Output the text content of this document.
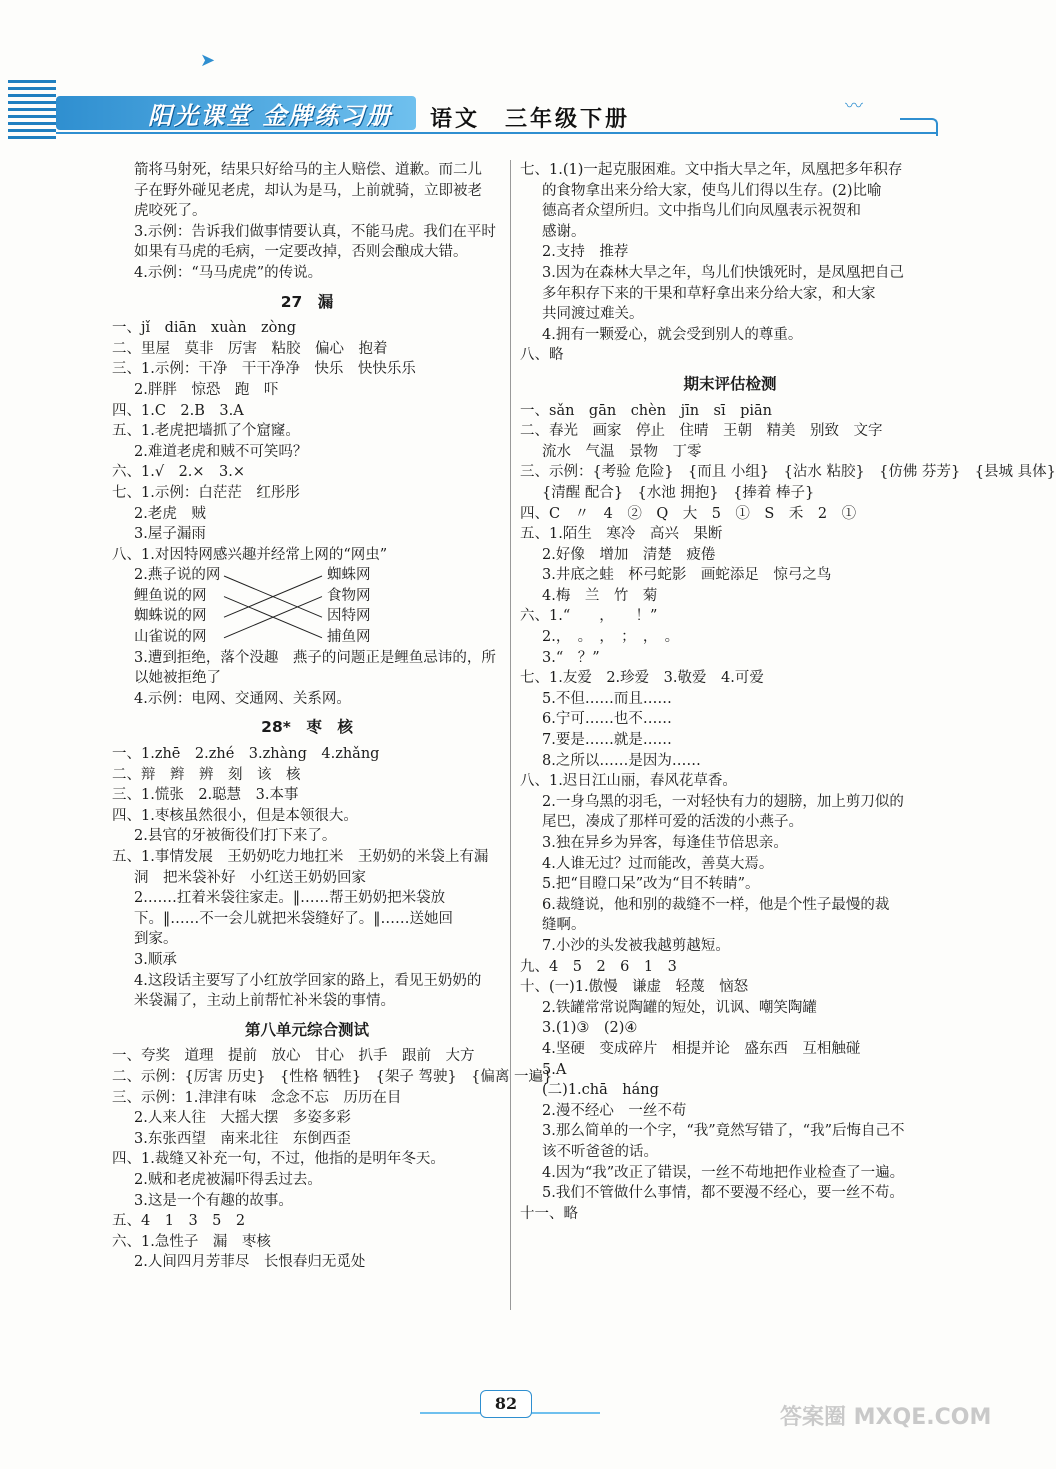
阳光课堂 金牌练习册 语文　三年级下册
〰
➤
箭将马射死，结果只好给马的主人赔偿、道歉。而二儿
子在野外碰见老虎，却认为是马，上前就骑，立即被老
虎咬死了。
3.示例：告诉我们做事情要认真，不能马虎。我们在平时
如果有马虎的毛病，一定要改掉，否则会酿成大错。
4.示例：“马马虎虎”的传说。
27　漏
一、jǐ　diān　xuàn　zòng
二、里屋　莫非　厉害　粘胶　偏心　抱着
三、1.示例：干净　干干净净　快乐　快快乐乐
2.胖胖　惊恐　跑　吓
四、1.C　2.B　3.A
五、1.老虎把墙抓了个窟窿。
2.难道老虎和贼不可笑吗？
六、1.√　2.×　3.×
七、1.示例：白茫茫　红彤彤
2.老虎　贼
3.屋子漏雨
八、1.对因特网感兴趣并经常上网的“网虫”
2.燕子说的网
鲤鱼说的网
蜘蛛说的网
山雀说的网
蜘蛛网
食物网
因特网
捕鱼网
3.遭到拒绝，落个没趣　燕子的问题正是鲤鱼忌讳的，所
以她被拒绝了
4.示例：电网、交通网、关系网。
28*　枣　核
一、1.zhē　2.zhé　3.zhàng　4.zhǎng
二、辩　辫　辨　刻　该　核
三、1.慌张　2.聪慧　3.本事
四、1.枣核虽然很小，但是本领很大。
2.县官的牙被衙役们打下来了。
五、1.事情发展　王奶奶吃力地扛米　王奶奶的米袋上有漏
洞　把米袋补好　小红送王奶奶回家
2.……扛着米袋往家走。‖……帮王奶奶把米袋放
下。‖……不一会儿就把米袋缝好了。‖……送她回
到家。
3.顺承
4.这段话主要写了小红放学回家的路上，看见王奶奶的
米袋漏了，主动上前帮忙补米袋的事情。
第八单元综合测试
一、夸奖　道理　提前　放心　甘心　扒手　跟前　大方
二、示例：{厉害 历史}　{性格 牺牲}　{架子 驾驶}　{偏离 一遍}
三、示例：1.津津有味　念念不忘　历历在目
2.人来人往　大摇大摆　多姿多彩
3.东张西望　南来北往　东倒西歪
四、1.裁缝又补充一句，不过，他指的是明年冬天。
2.贼和老虎被漏吓得丢过去。
3.这是一个有趣的故事。
五、4　1　3　5　2
六、1.急性子　漏　枣核
2.人间四月芳菲尽　长恨春归无觅处
七、1.(1)一起克服困难。文中指大旱之年，凤凰把多年积存
的食物拿出来分给大家，使鸟儿们得以生存。(2)比喻
德高者众望所归。文中指鸟儿们向凤凰表示祝贺和
感谢。
2.支持　推荐
3.因为在森林大旱之年，鸟儿们快饿死时，是凤凰把自己
多年积存下来的干果和草籽拿出来分给大家，和大家
共同渡过难关。
4.拥有一颗爱心，就会受到别人的尊重。
八、略
期末评估检测
一、sǎn　gān　chèn　jīn　sī　piān
二、春光　画家　停止　住晴　王朝　精美　别致　文字
流水　气温　景物　丁零
三、示例：{考验 危险}　{而且 小组}　{沾水 粘胶}　{仿佛 芬芳}　{县城 具体}
{清醒 配合}　{水池 拥抱}　{捧着 棒子}
四、C　〃　4　②　Q　大　5　①　S　禾　2　①
五、1.陌生　寒冷　高兴　果断
2.好像　增加　清楚　疲倦
3.井底之蛙　杯弓蛇影　画蛇添足　惊弓之鸟
4.梅　兰　竹　菊
六、1.“　　，　　！”
2.，　。　，　；　，　。
3.“　？”
七、1.友爱　2.珍爱　3.敬爱　4.可爱
5.不但……而且……
6.宁可……也不……
7.要是……就是……
8.之所以……是因为……
八、1.迟日江山丽，春风花草香。
2.一身乌黑的羽毛，一对轻快有力的翅膀，加上剪刀似的
尾巴，凑成了那样可爱的活泼的小燕子。
3.独在异乡为异客，每逢佳节倍思亲。
4.人谁无过？过而能改，善莫大焉。
5.把“目瞪口呆”改为“目不转睛”。
6.裁缝说，他和别的裁缝不一样，他是个性子最慢的裁
缝啊。
7.小沙的头发被我越剪越短。
九、4　5　2　6　1　3
十、(一)1.傲慢　谦虚　轻蔑　恼怒
2.铁罐常常说陶罐的短处，讥讽、嘲笑陶罐
3.(1)③　(2)④
4.坚硬　变成碎片　相提并论　盛东西　互相触碰
5.A
(二)1.chā　háng
2.漫不经心　一丝不苟
3.那么简单的一个字，“我”竟然写错了，“我”后悔自己不
该不听爸爸的话。
4.因为“我”改正了错误，一丝不苟地把作业检查了一遍。
5.我们不管做什么事情，都不要漫不经心，要一丝不苟。
十一、略
82
答案圈 MXQE.COM
